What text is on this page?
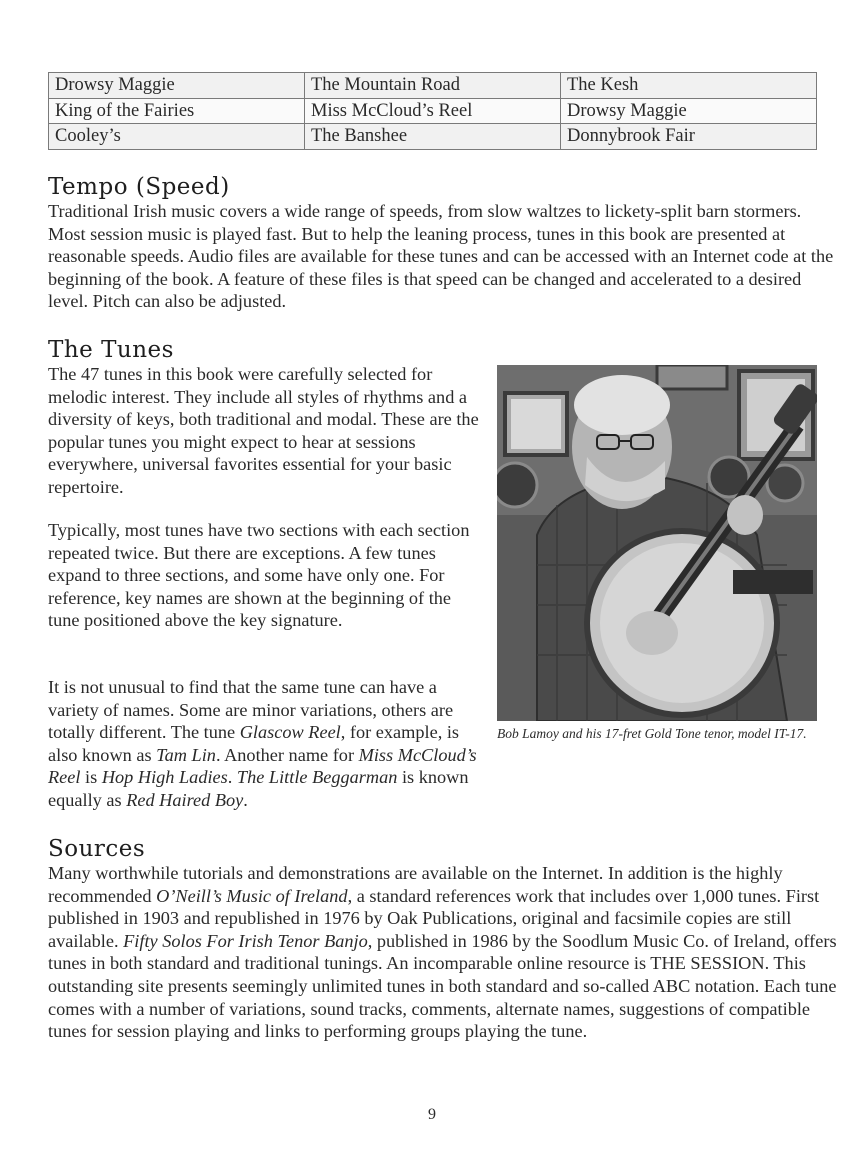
Drowsy Maggie	The Mountain Road	The Kesh
King of the Fairies	Miss McCloud’s Reel	Drowsy Maggie
Cooley’s	The Banshee	Donnybrook Fair
Tempo (Speed)

Traditional Irish music covers a wide range of speeds, from slow waltzes to lickety-split barn stormers. Most session music is played fast. But to help the leaning process, tunes in this book are presented at reasonable speeds. Audio files are available for these tunes and can be accessed with an Internet code at the beginning of the book. A feature of these files is that speed can be changed and accelerated to a desired level. Pitch can also be adjusted.

The Tunes

The 47 tunes in this book were carefully selected for melodic interest. They include all styles of rhythms and a diversity of keys, both traditional and modal. These are the popular tunes you might expect to hear at sessions everywhere, universal favorites essential for your basic repertoire.

Typically, most tunes have two sections with each section repeated twice. But there are exceptions. A few tunes expand to three sections, and some have only one. For reference, key names are shown at the beginning of the tune positioned above the key signature.

It is not unusual to find that the same tune can have a variety of names. Some are minor variations, others are totally different. The tune Glascow Reel, for example, is also known as Tam Lin. Another name for Miss McCloud’s Reel is Hop High Ladies. The Little Beggarman is known equally as Red Haired Boy.

Bob Lamoy and his 17-fret Gold Tone tenor, model IT-17.

Sources

Many worthwhile tutorials and demonstrations are available on the Internet. In addition is the highly recommended O’Neill’s Music of Ireland, a standard references work that includes over 1,000 tunes. First published in 1903 and republished in 1976 by Oak Publications, original and facsimile copies are still available. Fifty Solos For Irish Tenor Banjo, published in 1986 by the Soodlum Music Co. of Ireland, offers tunes in both standard and traditional tunings. An incomparable online resource is THE SESSION. This outstanding site presents seemingly unlimited tunes in both standard and so-called ABC notation. Each tune comes with a number of variations, sound tracks, comments, alternate names, suggestions of compatible tunes for session playing and links to performing groups playing the tune.

9
